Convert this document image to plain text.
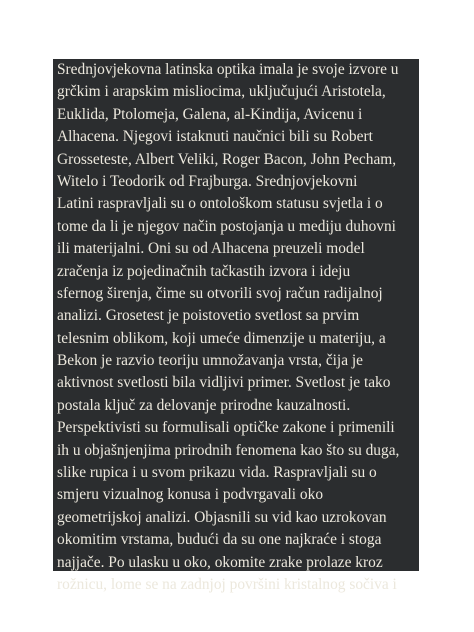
Srednjovjekovna latinska optika imala je svoje izvore u
grčkim i arapskim misliocima, uključujući Aristotela,
Euklida, Ptolomeja, Galena, al-Kindija, Avicenu i
Alhacena. Njegovi istaknuti naučnici bili su Robert
Grosseteste, Albert Veliki, Roger Bacon, John Pecham,
Witelo i Teodorik od Frajburga. Srednjovjekovni
Latini raspravljali su o ontološkom statusu svjetla i o
tome da li je njegov način postojanja u mediju duhovni
ili materijalni. Oni su od Alhacena preuzeli model
zračenja iz pojedinačnih tačkastih izvora i ideju
sfernog širenja, čime su otvorili svoj račun radijalnoj
analizi. Grosetest je poistovetio svetlost sa prvim
telesnim oblikom, koji umeće dimenzije u materiju, a
Bekon je razvio teoriju umnožavanja vrsta, čija je
aktivnost svetlosti bila vidljivi primer. Svetlost je tako
postala ključ za delovanje prirodne kauzalnosti.
Perspektivisti su formulisali optičke zakone i primenili
ih u objašnjenjima prirodnih fenomena kao što su duga,
slike rupica i u svom prikazu vida. Raspravljali su o
smjeru vizualnog konusa i podvrgavali oko
geometrijskoj analizi. Objasnili su vid kao uzrokovan
okomitim vrstama, budući da su one najkraće i stoga
najjače. Po ulasku u oko, okomite zrake prolaze kroz
rožnicu, lome se na zadnjoj površini kristalnog sočiva i
